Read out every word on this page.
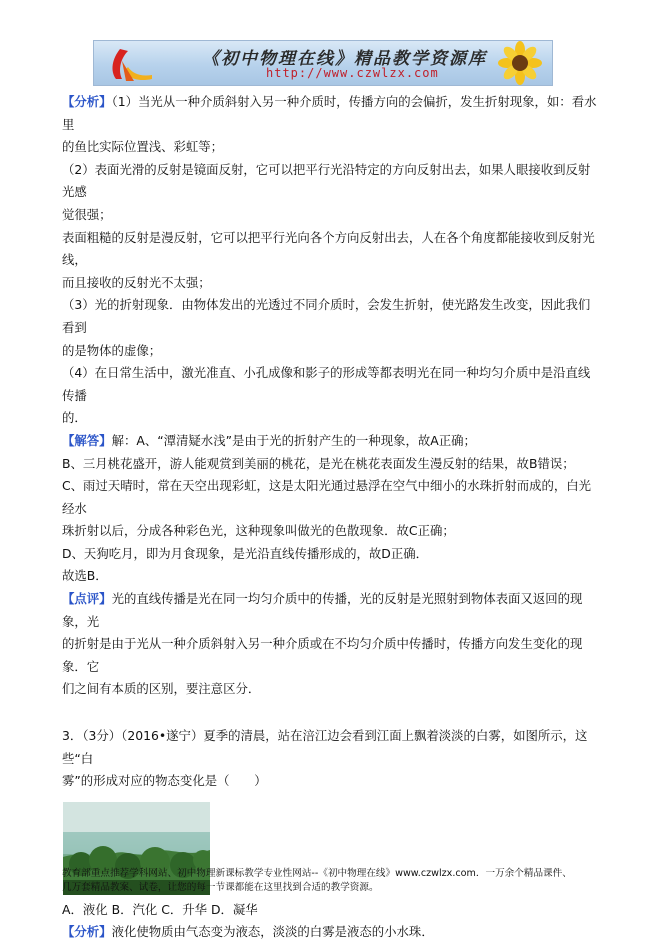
《初中物理在线》精品教学资源库
http://www.czwlzx.com

【分析】（1）当光从一种介质斜射入另一种介质时，传播方向的会偏折，发生折射现象，如：看水里

的鱼比实际位置浅、彩虹等；

（2）表面光滑的反射是镜面反射，它可以把平行光沿特定的方向反射出去，如果人眼接收到反射光感

觉很强；

表面粗糙的反射是漫反射，它可以把平行光向各个方向反射出去，人在各个角度都能接收到反射光线，

而且接收的反射光不太强；

（3）光的折射现象．由物体发出的光透过不同介质时，会发生折射，使光路发生改变，因此我们看到

的是物体的虚像；

（4）在日常生活中，激光准直、小孔成像和影子的形成等都表明光在同一种均匀介质中是沿直线传播

的．

【解答】解：A、“潭清疑水浅”是由于光的折射产生的一种现象，故A正确；

B、三月桃花盛开，游人能观赏到美丽的桃花，是光在桃花表面发生漫反射的结果，故B错误；

C、雨过天晴时，常在天空出现彩虹，这是太阳光通过悬浮在空气中细小的水珠折射而成的，白光经水

珠折射以后，分成各种彩色光，这种现象叫做光的色散现象．故C正确；

D、天狗吃月，即为月食现象，是光沿直线传播形成的，故D正确．

故选B．

【点评】光的直线传播是光在同一均匀介质中的传播，光的反射是光照射到物体表面又返回的现象，光

的折射是由于光从一种介质斜射入另一种介质或在不均匀介质中传播时，传播方向发生变化的现象．它

们之间有本质的区别，要注意区分．

3．（3分）（2016•遂宁）夏季的清晨，站在涪江边会看到江面上飘着淡淡的白雾，如图所示，这些“白

雾”的形成对应的物态变化是（　　）

A．液化 B．汽化 C．升华 D．凝华

【分析】液化使物质由气态变为液态，淡淡的白雾是液态的小水珠．

教育部重点推荐学科网站、初中物理新课标教学专业性网站--《初中物理在线》www.czwlzx.com．一万余个精品课件、
几万套精品教案、试卷，让您的每一节课都能在这里找到合适的教学资源。
